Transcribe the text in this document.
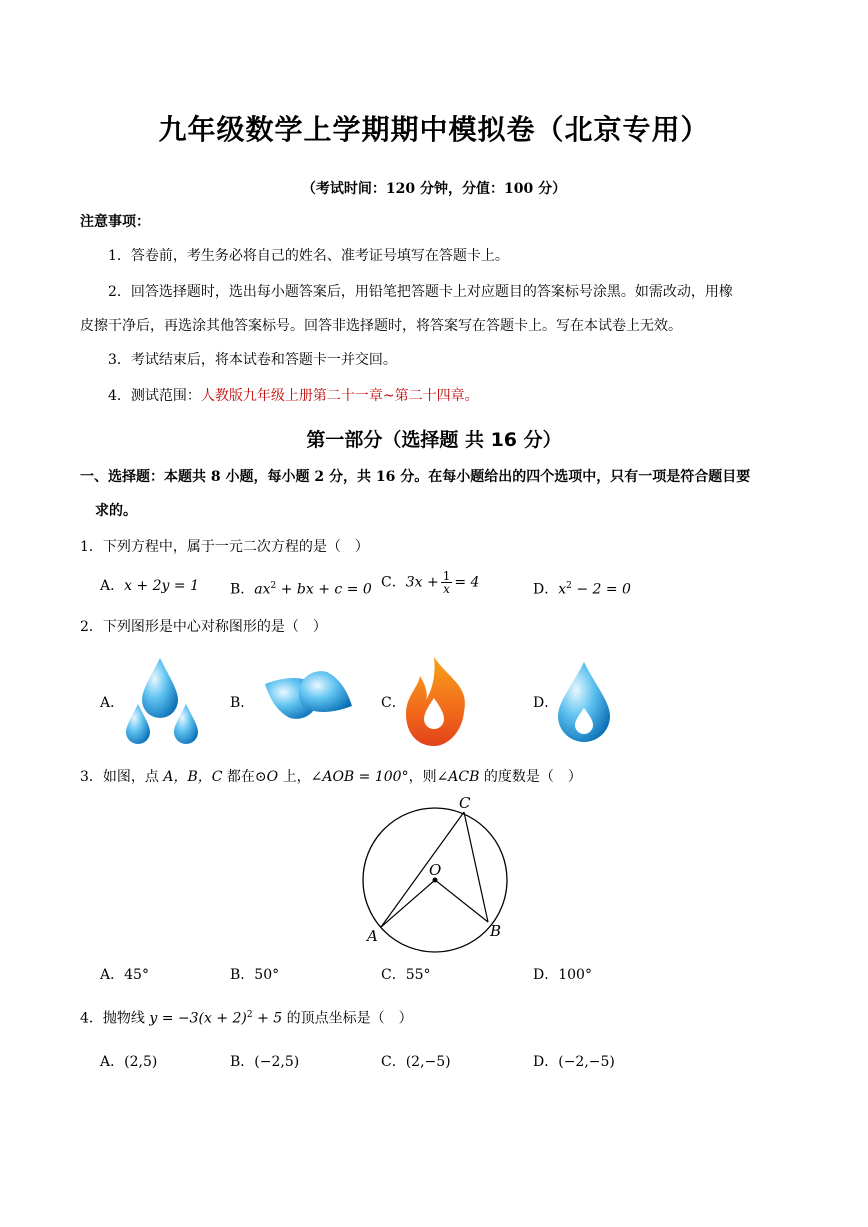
九年级数学上学期期中模拟卷（北京专用）
（考试时间：120 分钟，分值：100 分）
注意事项：
1．答卷前，考生务必将自己的姓名、准考证号填写在答题卡上。
2．回答选择题时，选出每小题答案后，用铅笔把答题卡上对应题目的答案标号涂黑。如需改动，用橡
皮擦干净后，再选涂其他答案标号。回答非选择题时，将答案写在答题卡上。写在本试卷上无效。
3．考试结束后，将本试卷和答题卡一并交回。
4．测试范围：人教版九年级上册第二十一章~第二十四章。
第一部分（选择题 共 16 分）
一、选择题：本题共 8 小题，每小题 2 分，共 16 分。在每小题给出的四个选项中，只有一项是符合题目要
求的。
1．下列方程中，属于一元二次方程的是（　）
A．x + 2y = 1 B．$ax^2$ + bx + c = 0 C．$3x + \frac{1}{x} = 4$	D．$x^2 - 2 = 0$
2．下列图形是中心对称图形的是（　）
A．	B．	C．	D．
3．如图，点 A，B，C 都在⊙O 上，∠AOB = 100°，则∠ACB 的度数是（　）
A	B
C
O
A．45°	B．50°	C．55°	D．100°
4．抛物线 $y = -3(x + 2)^2 + 5$ 的顶点坐标是（　）
A．(2,5)	B．(−2,5)	C．(2,−5)	D．(−2,−5)
